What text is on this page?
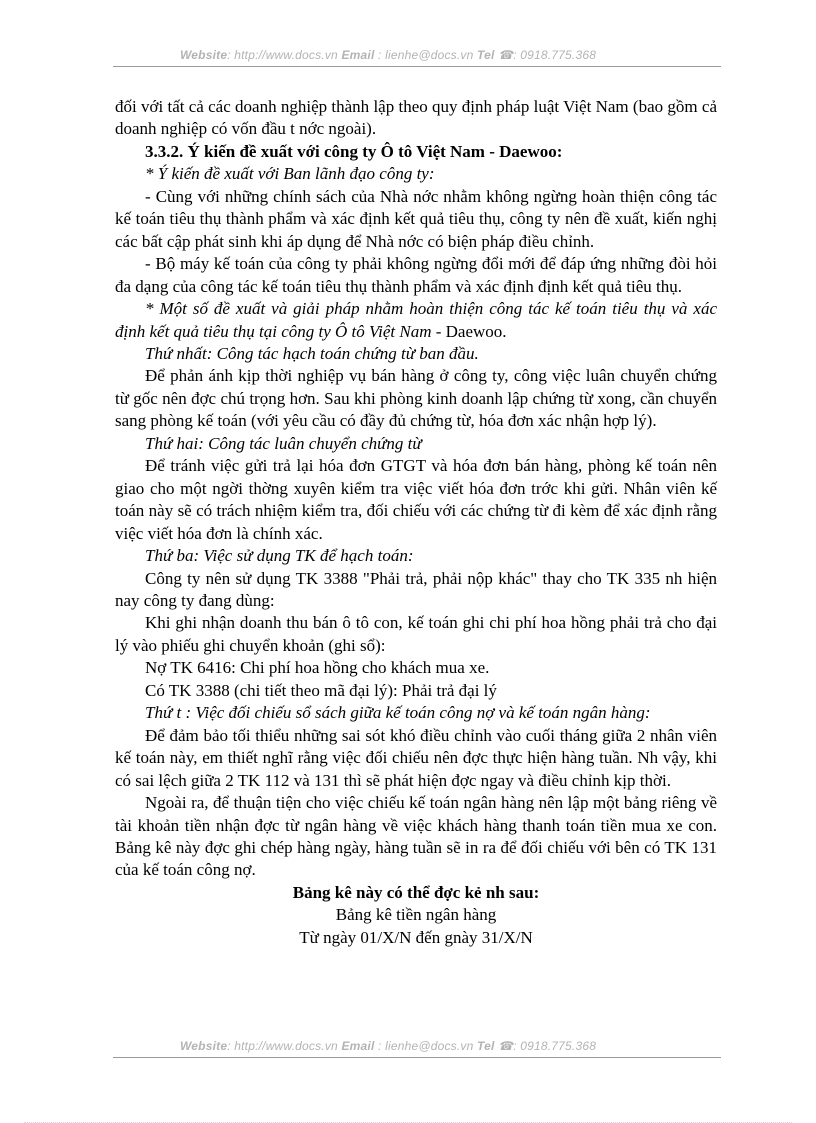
Website: http://www.docs.vn Email : lienhe@docs.vn Tel ☎: 0918.775.368

đối với tất cả các doanh nghiệp thành lập theo quy định pháp luật Việt Nam (bao gồm cả doanh nghiệp có vốn đầu t nớc ngoài).

3.3.2. Ý kiến đề xuất với công ty Ô tô Việt Nam - Daewoo:

* Ý kiến đề xuất với Ban lãnh đạo công ty:

- Cùng với những chính sách của Nhà nớc nhằm không ngừng hoàn thiện công tác kế toán tiêu thụ thành phẩm và xác định kết quả tiêu thụ, công ty nên đề xuất, kiến nghị các bất cập phát sinh khi áp dụng để Nhà nớc có biện pháp điều chỉnh.

- Bộ máy kế toán của công ty phải không ngừng đổi mới để đáp ứng những đòi hỏi đa dạng của công tác kế toán tiêu thụ thành phẩm và xác định định kết quả tiêu thụ.

* Một số đề xuất và giải pháp nhằm hoàn thiện công tác kế toán tiêu thụ và xác định kết quả tiêu thụ tại công ty Ô tô Việt Nam - Daewoo.

Thứ nhất: Công tác hạch toán chứng từ ban đầu.

Để phản ánh kịp thời nghiệp vụ bán hàng ở công ty, công việc luân chuyển chứng từ gốc nên đợc chú trọng hơn. Sau khi phòng kinh doanh lập chứng từ xong, cần chuyển sang phòng kế toán (với yêu cầu có đầy đủ chứng từ, hóa đơn xác nhận hợp lý).

Thứ hai: Công tác luân chuyển chứng từ

Để tránh việc gửi trả lại hóa đơn GTGT và hóa đơn bán hàng, phòng kế toán nên giao cho một ngời thờng xuyên kiểm tra việc viết hóa đơn trớc khi gửi. Nhân viên kế toán này sẽ có trách nhiệm kiểm tra, đối chiếu với các chứng từ đi kèm để xác định rằng việc viết hóa đơn là chính xác.

Thứ ba: Việc sử dụng TK để hạch toán:

Công ty nên sử dụng TK 3388 "Phải trả, phải nộp khác" thay cho TK 335 nh hiện nay công ty đang dùng:

Khi ghi nhận doanh thu bán ô tô con, kế toán ghi chi phí hoa hồng phải trả cho đại lý vào phiếu ghi chuyển khoản (ghi sổ):

Nợ TK 6416: Chi phí hoa hồng cho khách mua xe.

Có TK 3388 (chi tiết theo mã đại lý): Phải trả đại lý

Thứ t : Việc đối chiếu sổ sách giữa kế toán công nợ và kế toán ngân hàng:

Để đảm bảo tối thiểu những sai sót khó điều chỉnh vào cuối tháng giữa 2 nhân viên kế toán này, em thiết nghĩ rằng việc đối chiếu nên đợc thực hiện hàng tuần. Nh vậy, khi có sai lệch giữa 2 TK 112 và 131 thì sẽ phát hiện đợc ngay và điều chỉnh kịp thời.

Ngoài ra, để thuận tiện cho việc chiếu kế toán ngân hàng nên lập một bảng riêng về tài khoản tiền nhận đợc từ ngân hàng về việc khách hàng thanh toán tiền mua xe con. Bảng kê này đợc ghi chép hàng ngày, hàng tuần sẽ in ra để đối chiếu với bên có TK 131 của kế toán công nợ.

Bảng kê này có thể đợc kẻ nh sau:

Bảng kê tiền ngân hàng

Từ ngày 01/X/N đến gnày 31/X/N

Website: http://www.docs.vn Email : lienhe@docs.vn Tel ☎: 0918.775.368
